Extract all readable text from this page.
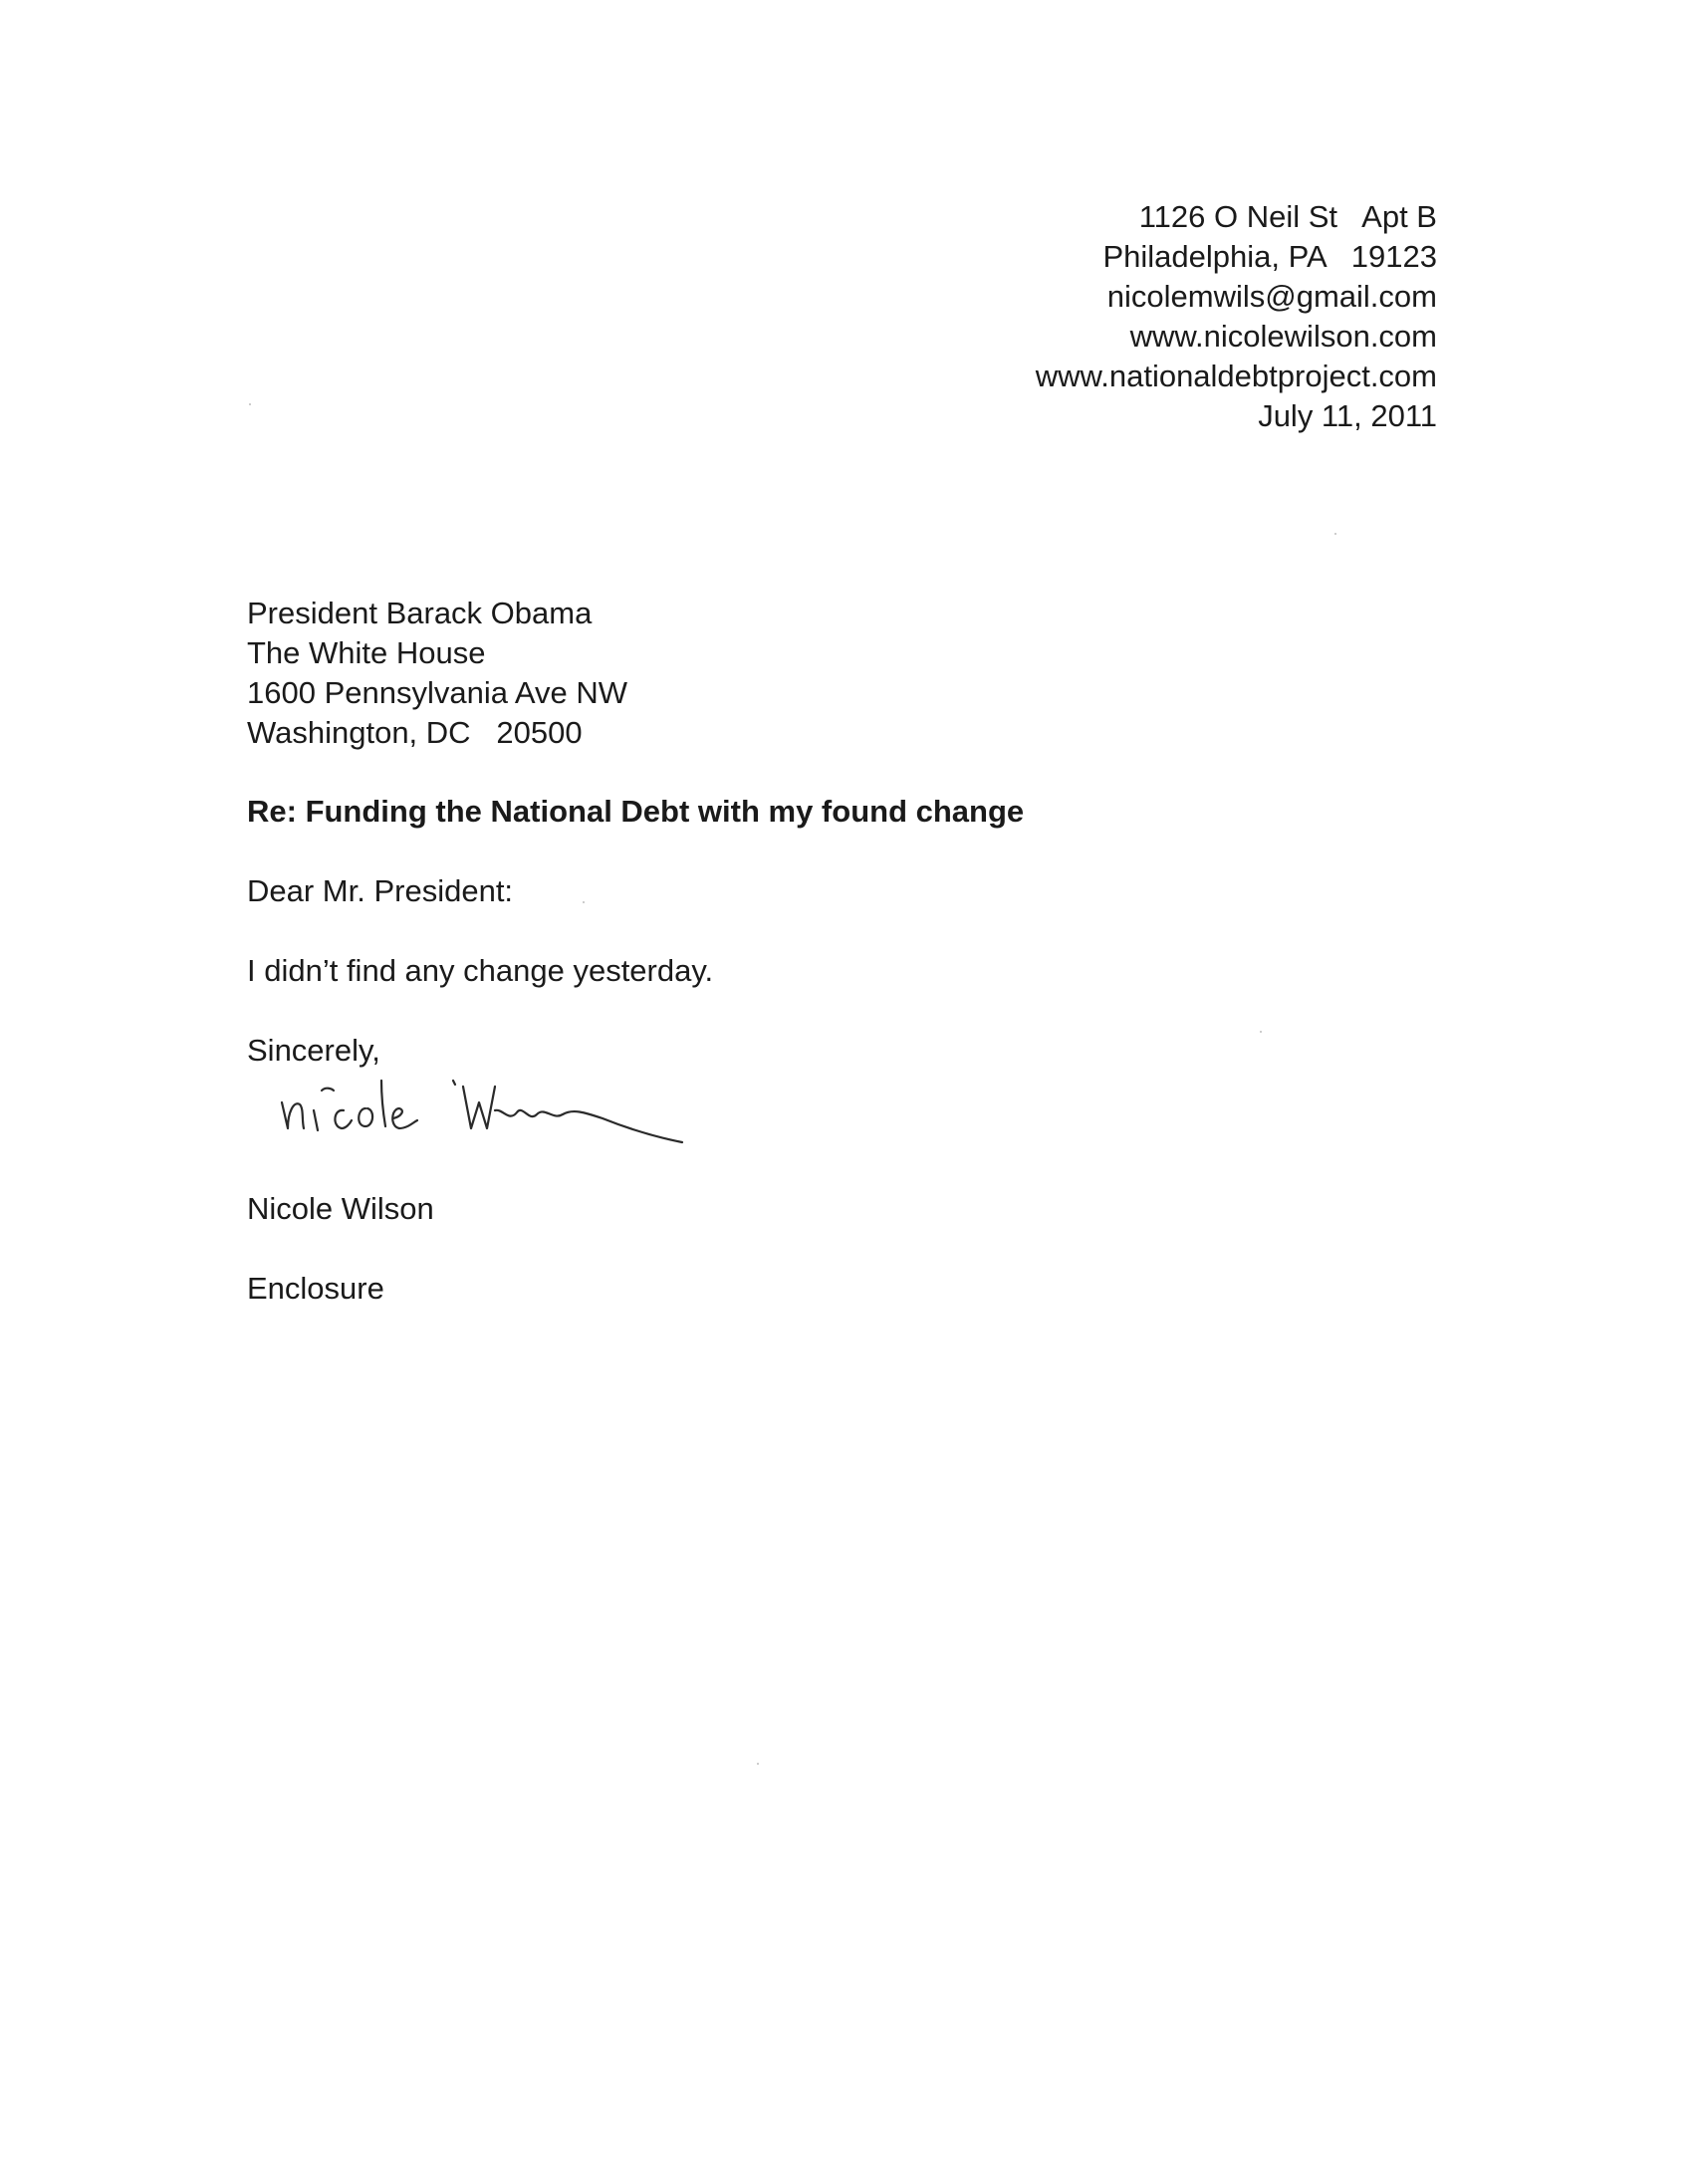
1126 O Neil St   Apt B
Philadelphia, PA   19123
nicolemwils@gmail.com
www.nicolewilson.com
www.nationaldebtproject.com
July 11, 2011
President Barack Obama
The White House
1600 Pennsylvania Ave NW
Washington, DC   20500
Re: Funding the National Debt with my found change
Dear Mr. President:
I didn’t find any change yesterday.
Sincerely,
Nicole Wilson
Enclosure
